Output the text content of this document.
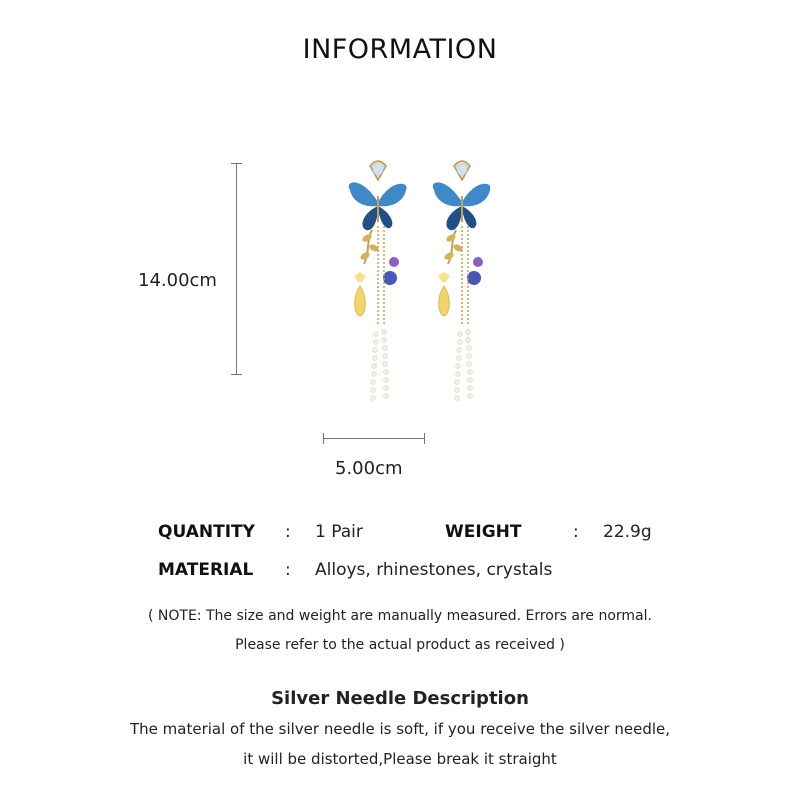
INFORMATION
14.00cm
5.00cm
QUANTITY : 1 Pair	WEIGHT	: 22.9g
MATERIAL : Alloys, rhinestones, crystals
( NOTE: The size and weight are manually measured. Errors are normal.
Please refer to the actual product as received )
Silver Needle Description
The material of the silver needle is soft, if you receive the silver needle,
it will be distorted,Please break it straight
